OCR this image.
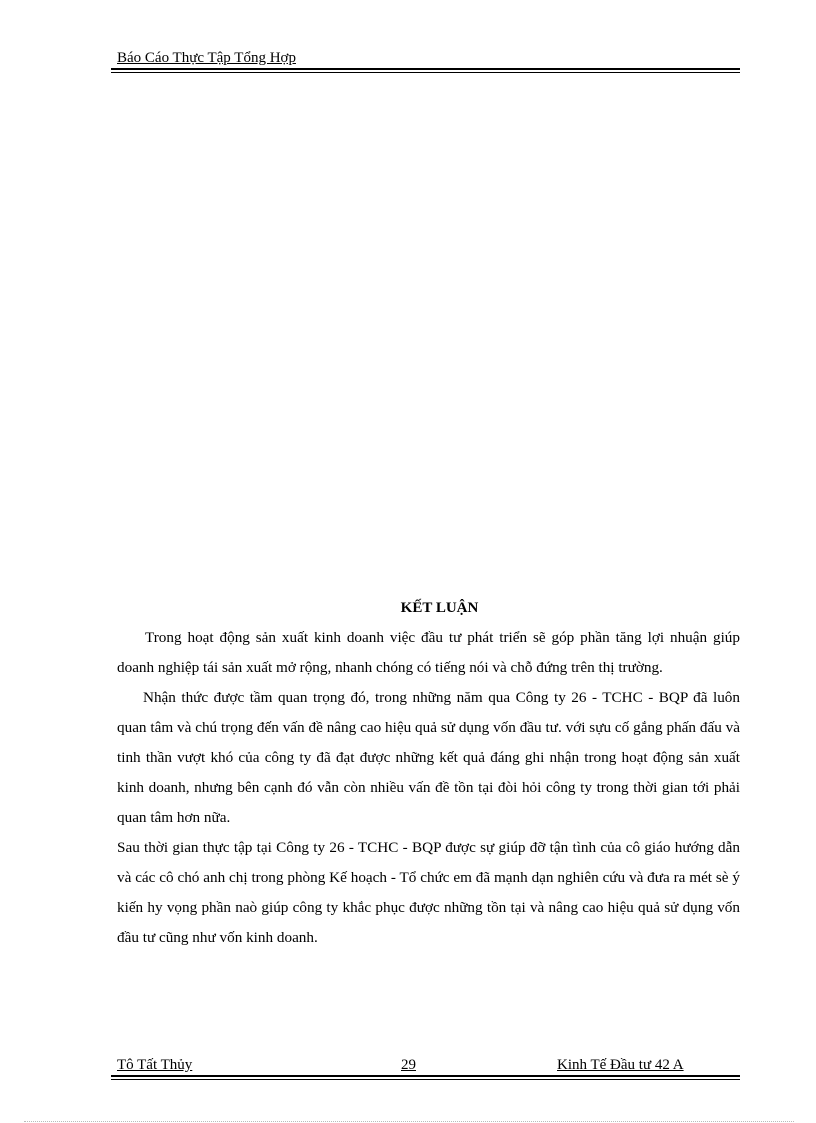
Báo Cáo Thực Tập Tổng Hợp
KẾT LUẬN

Trong hoạt động sản xuất kinh doanh việc đầu tư phát triển sẽ góp phần tăng lợi nhuận giúp doanh nghiệp tái sản xuất mở rộng, nhanh chóng có tiếng nói và chỗ đứng trên thị trường.

Nhận thức được tầm quan trọng đó, trong những năm qua Công ty 26 - TCHC - BQP đã luôn quan tâm và chú trọng đến vấn đề nâng cao hiệu quả sử dụng vốn đầu tư. với sựu cố gắng phấn đấu và tinh thần vượt khó của công ty đã đạt được những kết quả đáng ghi nhận trong hoạt động sản xuất kinh doanh, nhưng bên cạnh đó vẫn còn nhiều vấn đề tồn tại đòi hỏi công ty trong thời gian tới phải quan tâm hơn nữa.

Sau thời gian thực tập tại Công ty 26 - TCHC - BQP được sự giúp đỡ tận tình của cô giáo hướng dẫn và các cô chó anh chị trong phòng Kế hoạch - Tổ chức em đã mạnh dạn nghiên cứu và đưa ra mét sè ý kiến hy vọng phần naò giúp công ty khắc phục được những tồn tại và nâng cao hiệu quả sử dụng vốn đầu tư cũng như vốn kinh doanh.

Tô Tất Thủy	29	Kinh Tế Đầu tư 42 A
